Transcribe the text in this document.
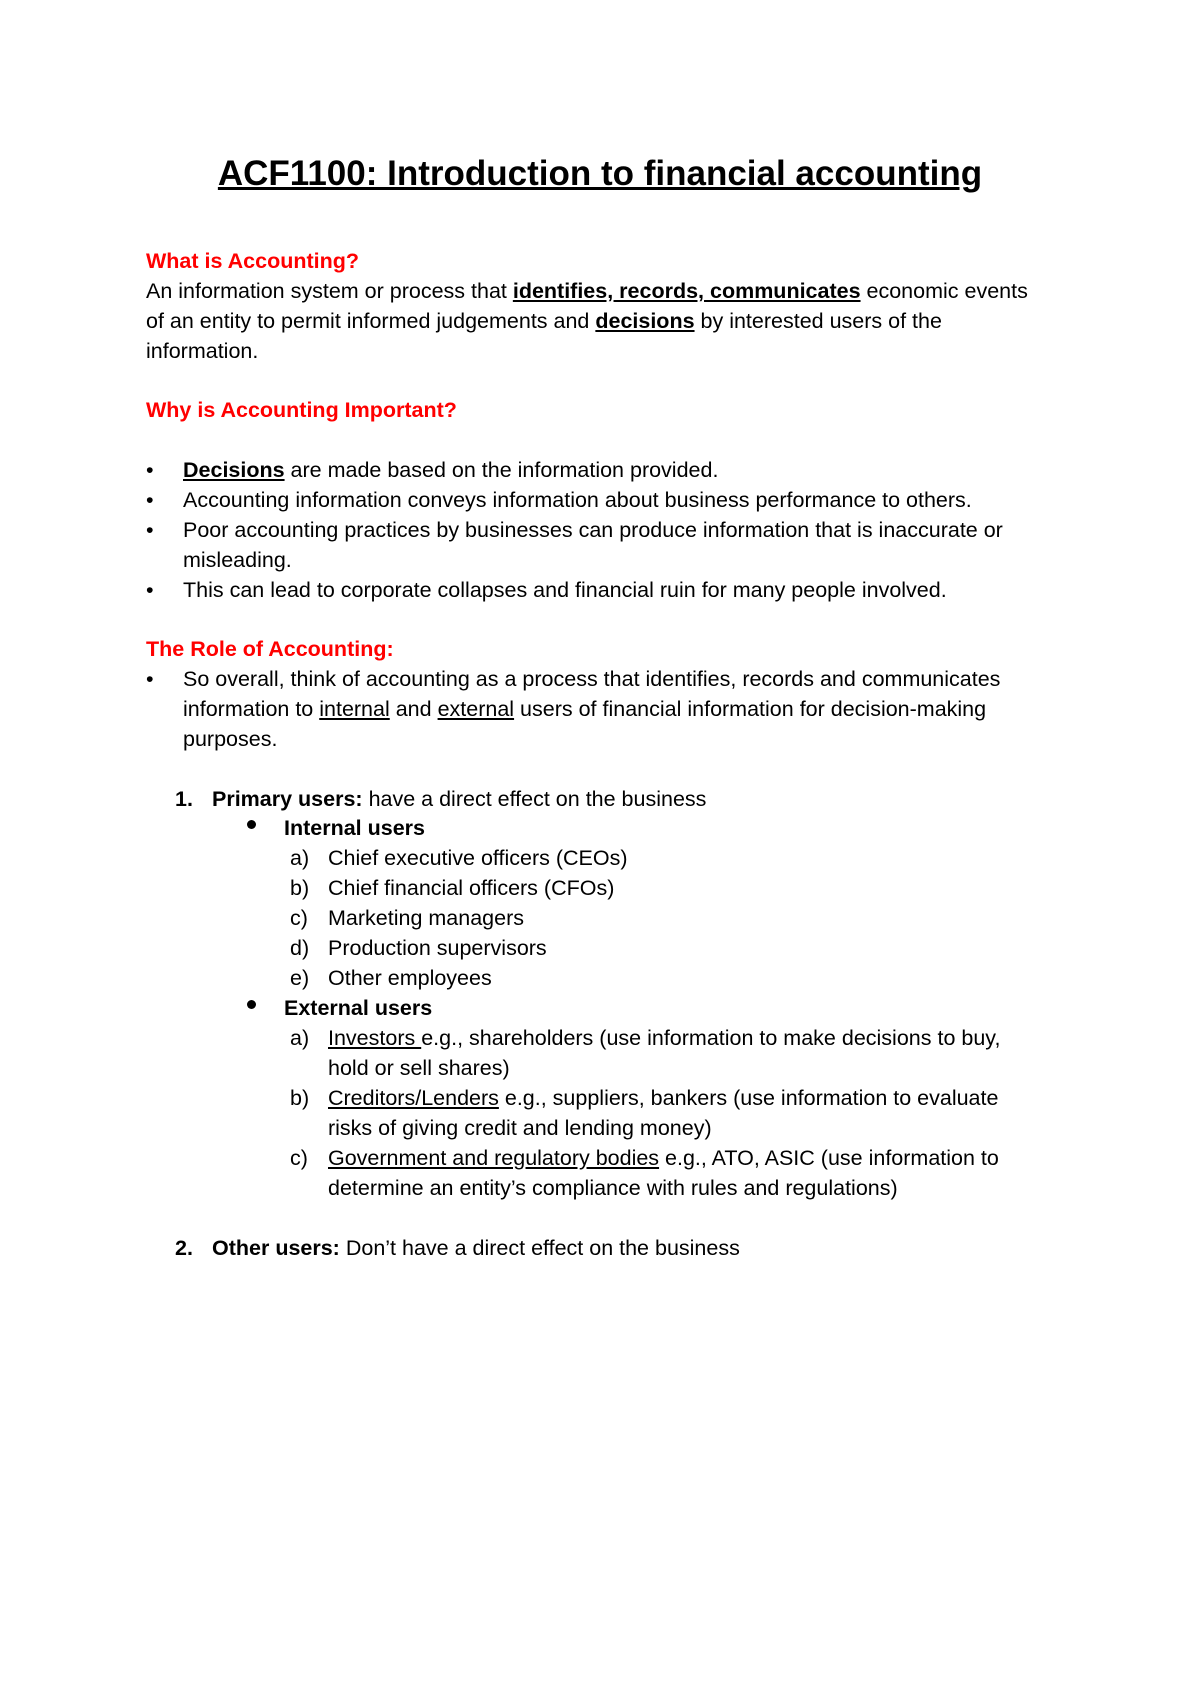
ACF1100: Introduction to financial accounting
What is Accounting?
An information system or process that identifies, records, communicates economic events
of an entity to permit informed judgements and decisions by interested users of the
information.
Why is Accounting Important?
• Decisions are made based on the information provided.
• Accounting information conveys information about business performance to others.
• Poor accounting practices by businesses can produce information that is inaccurate or
misleading.
• This can lead to corporate collapses and financial ruin for many people involved.
The Role of Accounting:
• So overall, think of accounting as a process that identifies, records and communicates
information to internal and external users of financial information for decision-making
purposes.
1. Primary users: have a direct effect on the business
Internal users
a) Chief executive officers (CEOs)
b) Chief financial officers (CFOs)
c) Marketing managers
d) Production supervisors
e) Other employees
External users
a) Investors e.g., shareholders (use information to make decisions to buy,
hold or sell shares)
b) Creditors/Lenders e.g., suppliers, bankers (use information to evaluate
risks of giving credit and lending money)
c) Government and regulatory bodies e.g., ATO, ASIC (use information to
determine an entity’s compliance with rules and regulations)
2. Other users: Don’t have a direct effect on the business
